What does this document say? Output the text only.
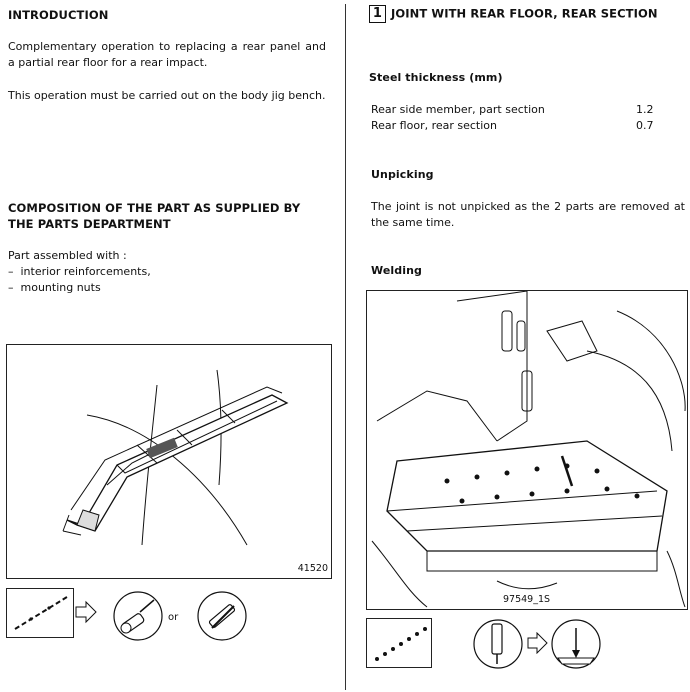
INTRODUCTION
Complementary operation to replacing a rear panel and a partial rear floor for a rear impact.
This operation must be carried out on the body jig bench.
COMPOSITION OF THE PART AS SUPPLIED BY THE PARTS DEPARTMENT
Part assembled with :
–  interior reinforcements,
–  mounting nuts
41520
or
1 JOINT WITH REAR FLOOR, REAR SECTION
Steel thickness (mm)
Rear side member, part section	1.2
Rear floor, rear section	0.7
Unpicking
The joint is not unpicked as the 2 parts are removed at the same time.
Welding
97549_1S
